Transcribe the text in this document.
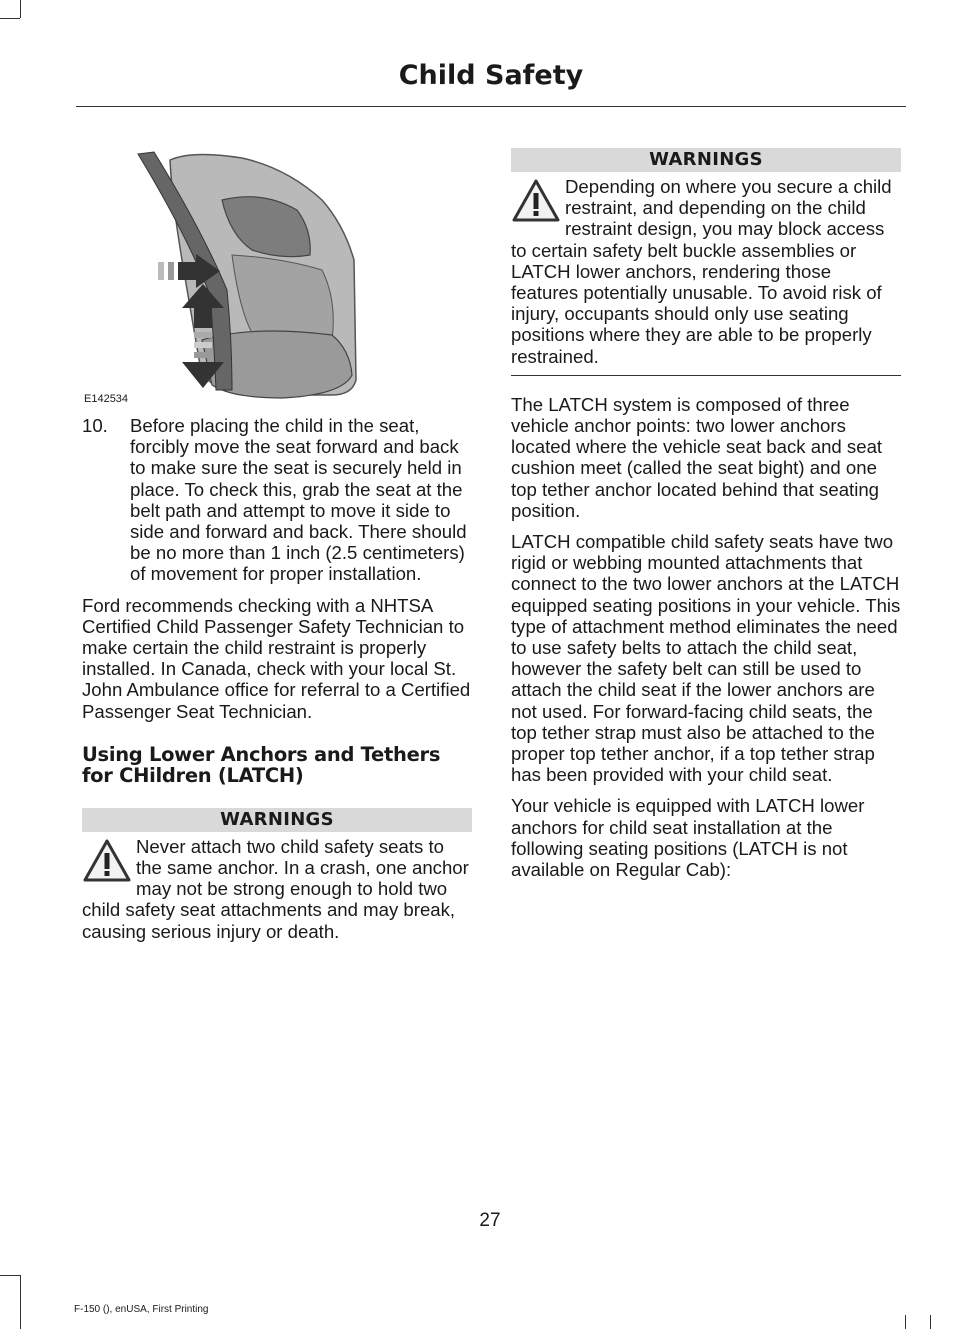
Child Safety
E142534
10.	Before placing the child in the seat, forcibly move the seat forward and back to make sure the seat is securely held in place. To check this, grab the seat at the belt path and attempt to move it side to side and forward and back. There should be no more than 1 inch (2.5 centimeters) of movement for proper installation.

Ford recommends checking with a NHTSA Certified Child Passenger Safety Technician to make certain the child restraint is properly installed. In Canada, check with your local St. John Ambulance office for referral to a Certified Passenger Seat Technician.

Using Lower Anchors and Tethers for CHildren (LATCH)
WARNINGS

Never attach two child safety seats to the same anchor. In a crash, one anchor may not be strong enough to hold two child safety seat attachments and may break, causing serious injury or death.

WARNINGS

Depending on where you secure a child restraint, and depending on the child restraint design, you may block access to certain safety belt buckle assemblies or LATCH lower anchors, rendering those features potentially unusable. To avoid risk of injury, occupants should only use seating positions where they are able to be properly restrained.

The LATCH system is composed of three vehicle anchor points: two lower anchors located where the vehicle seat back and seat cushion meet (called the seat bight) and one top tether anchor located behind that seating position.

LATCH compatible child safety seats have two rigid or webbing mounted attachments that connect to the two lower anchors at the LATCH equipped seating positions in your vehicle. This type of attachment method eliminates the need to use safety belts to attach the child seat, however the safety belt can still be used to attach the child seat if the lower anchors are not used. For forward-facing child seats, the top tether strap must also be attached to the proper top tether anchor, if a top tether strap has been provided with your child seat.

Your vehicle is equipped with LATCH lower anchors for child seat installation at the following seating positions (LATCH is not available on Regular Cab):

27
F-150 (), enUSA, First Printing
